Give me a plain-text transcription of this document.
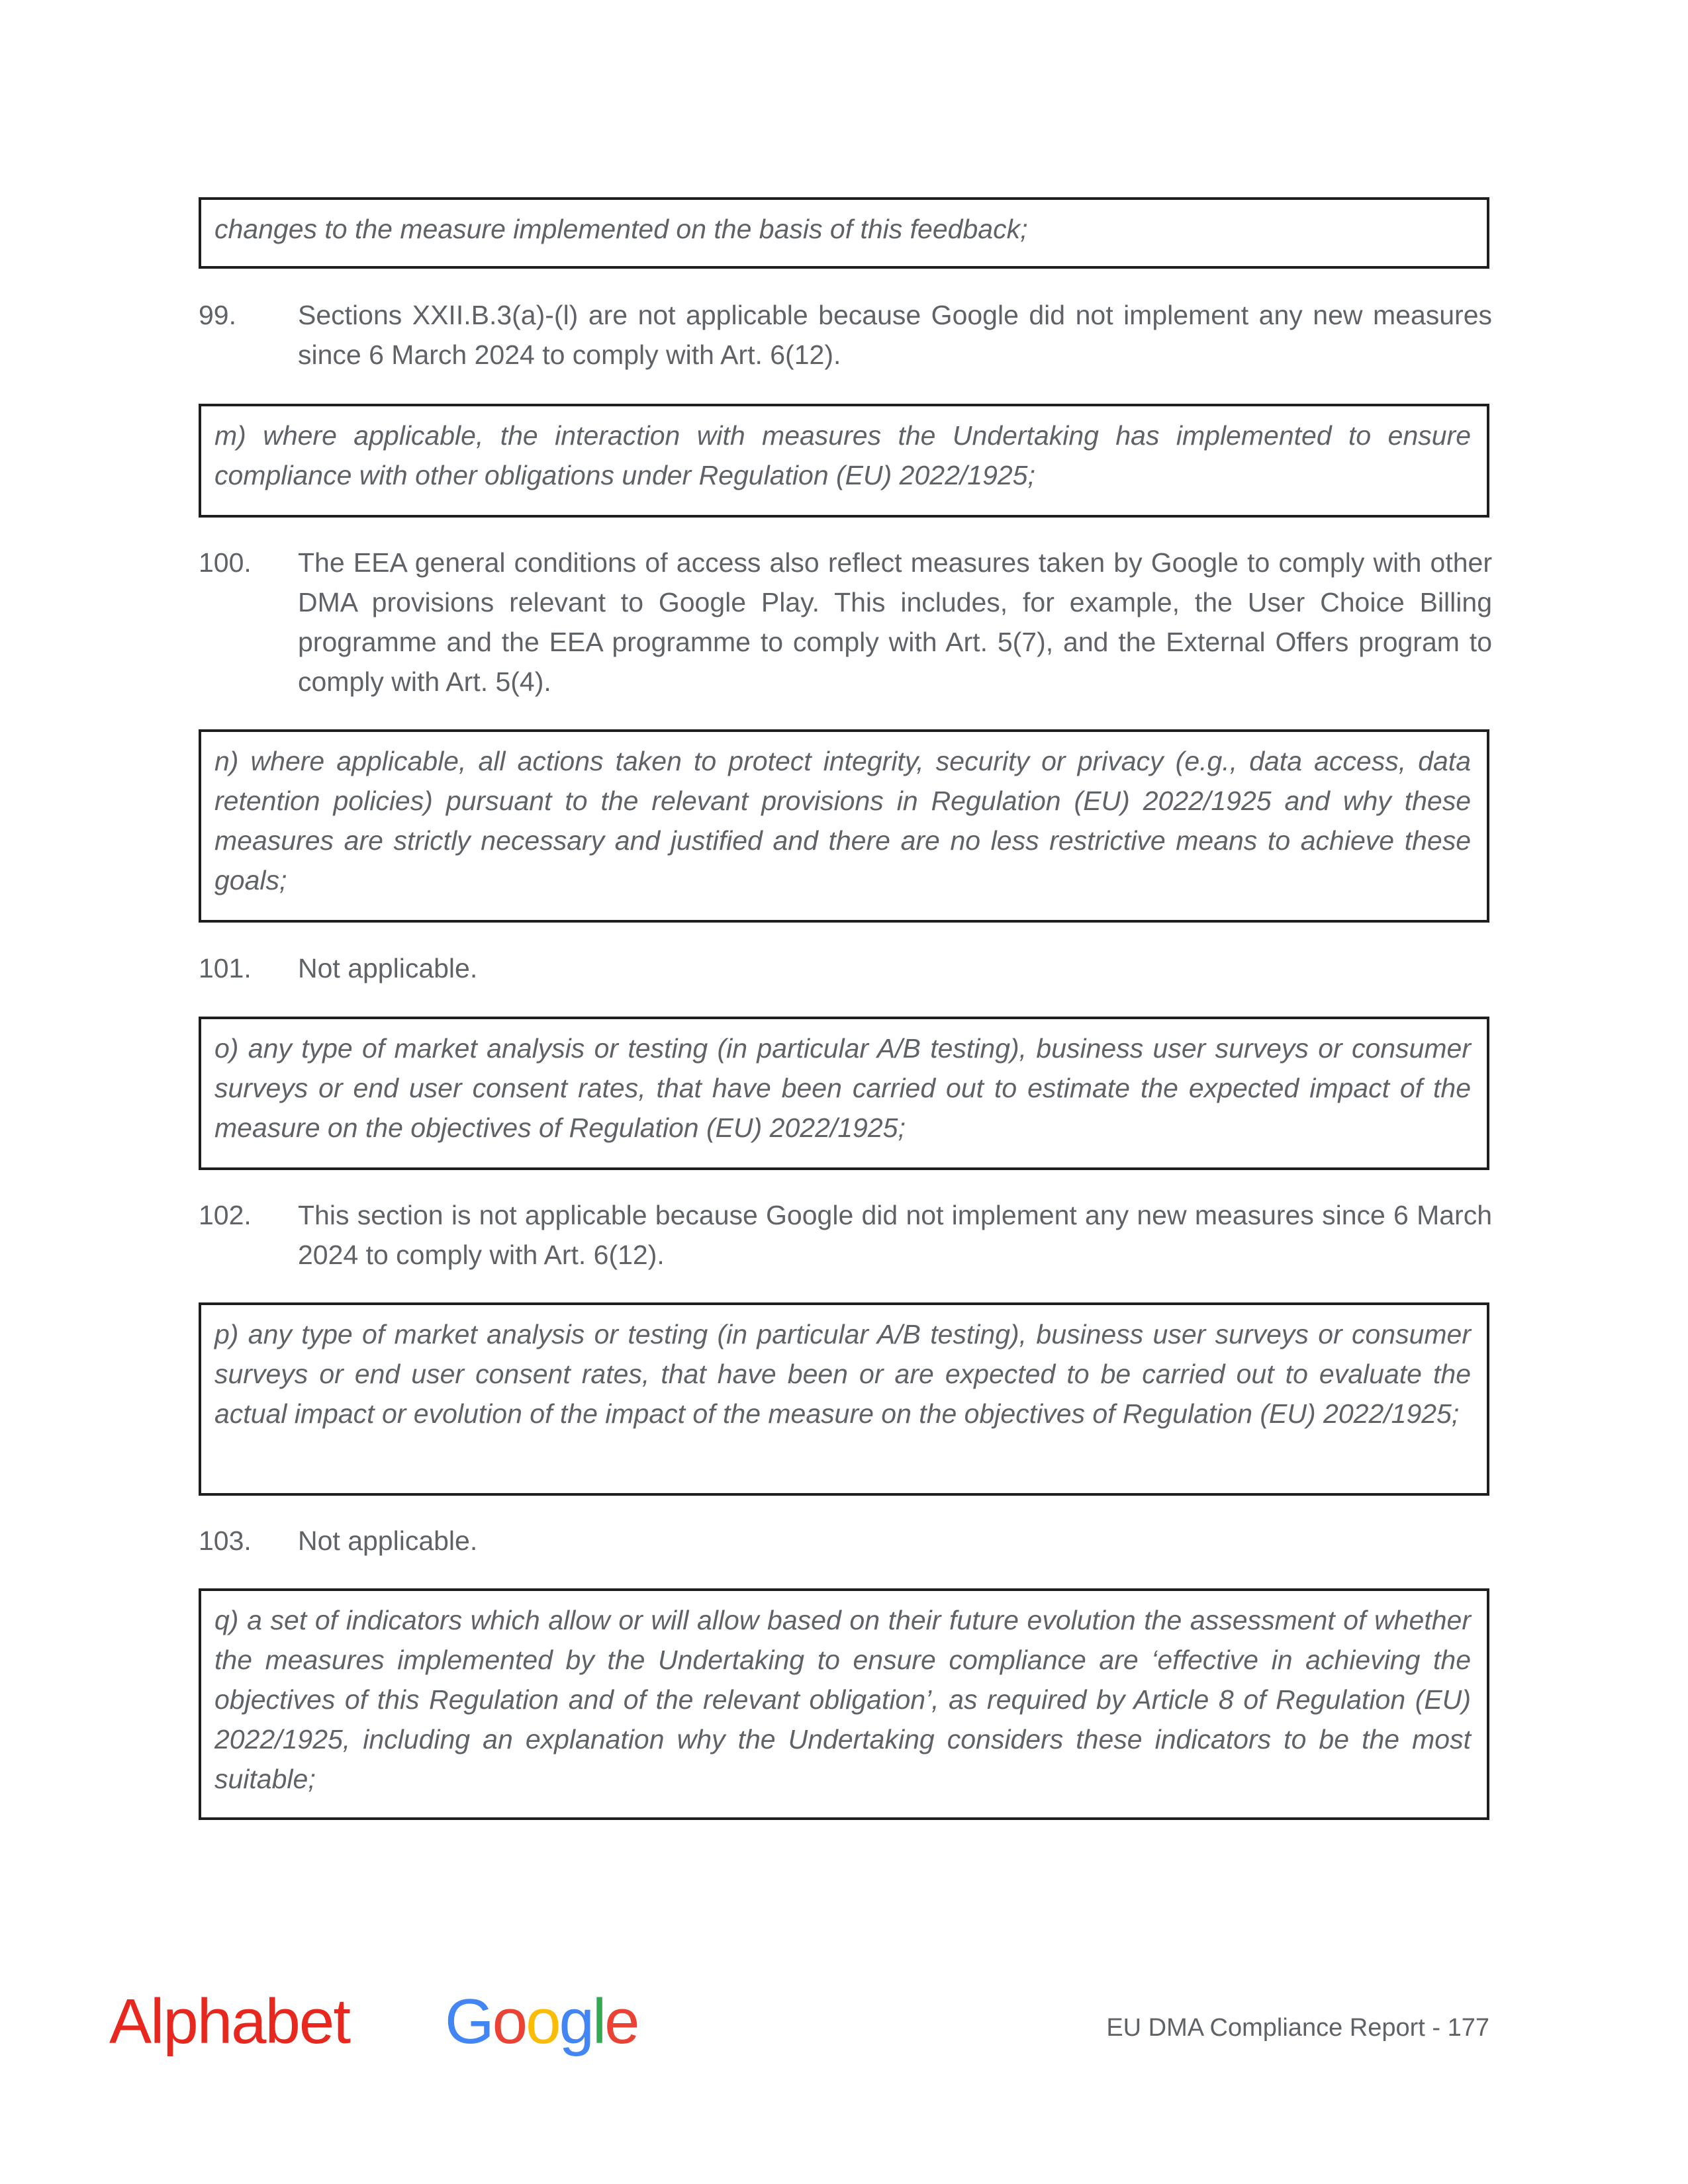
changes to the measure implemented on the basis of this feedback;
99. Sections XXII.B.3(a)-(l) are not applicable because Google did not implement any new measures since 6 March 2024 to comply with Art. 6(12).
m) where applicable, the interaction with measures the Undertaking has implemented to ensure compliance with other obligations under Regulation (EU) 2022/1925;
100. The EEA general conditions of access also reflect measures taken by Google to comply with other DMA provisions relevant to Google Play. This includes, for example, the User Choice Billing programme and the EEA programme to comply with Art. 5(7), and the External Offers program to comply with Art. 5(4).
n) where applicable, all actions taken to protect integrity, security or privacy (e.g., data access, data retention policies) pursuant to the relevant provisions in Regulation (EU) 2022/1925 and why these measures are strictly necessary and justified and there are no less restrictive means to achieve these goals;
101. Not applicable.
o) any type of market analysis or testing (in particular A/B testing), business user surveys or consumer surveys or end user consent rates, that have been carried out to estimate the expected impact of the measure on the objectives of Regulation (EU) 2022/1925;
102. This section is not applicable because Google did not implement any new measures since 6 March 2024 to comply with Art. 6(12).
p) any type of market analysis or testing (in particular A/B testing), business user surveys or consumer surveys or end user consent rates, that have been or are expected to be carried out to evaluate the actual impact or evolution of the impact of the measure on the objectives of Regulation (EU) 2022/1925;
103. Not applicable.
q) a set of indicators which allow or will allow based on their future evolution the assessment of whether the measures implemented by the Undertaking to ensure compliance are ‘effective in achieving the objectives of this Regulation and of the relevant obligation’, as required by Article 8 of Regulation (EU) 2022/1925, including an explanation why the Undertaking considers these indicators to be the most suitable;
Alphabet Google	EU DMA Compliance Report - 177
